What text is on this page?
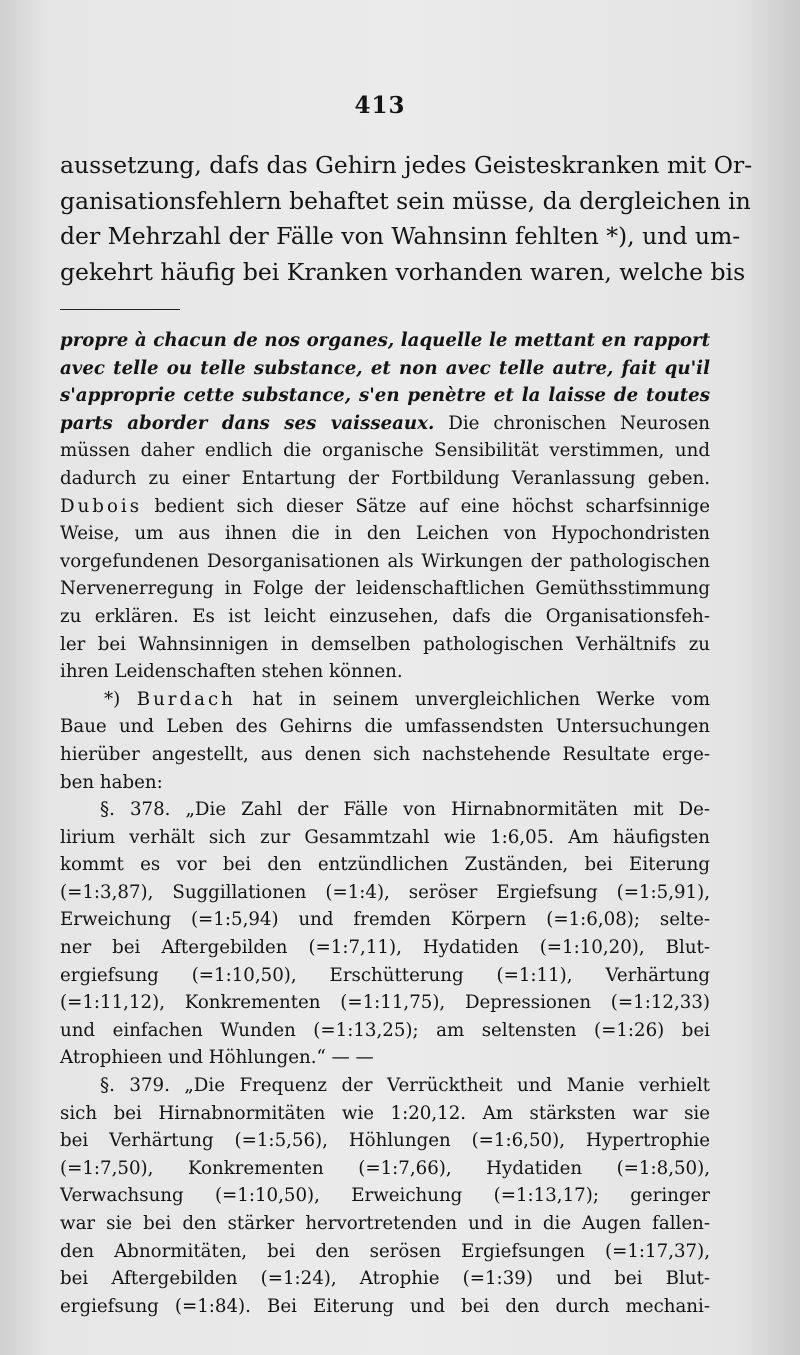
413
aussetzung, dafs das Gehirn jedes Geisteskranken mit Or-
ganisationsfehlern behaftet sein müsse, da dergleichen in
der Mehrzahl der Fälle von Wahnsinn fehlten *), und um-
gekehrt häufig bei Kranken vorhanden waren, welche bis
propre à chacun de nos organes, laquelle le mettant en rapport
avec telle ou telle substance, et non avec telle autre, fait qu'il
s'approprie cette substance, s'en penètre et la laisse de toutes
parts aborder dans ses vaisseaux. Die chronischen Neurosen
müssen daher endlich die organische Sensibilität verstimmen, und
dadurch zu einer Entartung der Fortbildung Veranlassung geben.
Dubois bedient sich dieser Sätze auf eine höchst scharfsinnige
Weise, um aus ihnen die in den Leichen von Hypochondristen
vorgefundenen Desorganisationen als Wirkungen der pathologischen
Nervenerregung in Folge der leidenschaftlichen Gemüthsstimmung
zu erklären. Es ist leicht einzusehen, dafs die Organisationsfeh-
ler bei Wahnsinnigen in demselben pathologischen Verhältnifs zu
ihren Leidenschaften stehen können.
*) Burdach hat in seinem unvergleichlichen Werke vom
Baue und Leben des Gehirns die umfassendsten Untersuchungen
hierüber angestellt, aus denen sich nachstehende Resultate erge-
ben haben:
§. 378. „Die Zahl der Fälle von Hirnabnormitäten mit De-
lirium verhält sich zur Gesammtzahl wie 1:6,05. Am häufigsten
kommt es vor bei den entzündlichen Zuständen, bei Eiterung
(=1:3,87), Suggillationen (=1:4), seröser Ergiefsung (=1:5,91),
Erweichung (=1:5,94) und fremden Körpern (=1:6,08); selte-
ner bei Aftergebilden (=1:7,11), Hydatiden (=1:10,20), Blut-
ergiefsung (=1:10,50), Erschütterung (=1:11), Verhärtung
(=1:11,12), Konkrementen (=1:11,75), Depressionen (=1:12,33)
und einfachen Wunden (=1:13,25); am seltensten (=1:26) bei
Atrophieen und Höhlungen.“ — —
§. 379. „Die Frequenz der Verrücktheit und Manie verhielt
sich bei Hirnabnormitäten wie 1:20,12. Am stärksten war sie
bei Verhärtung (=1:5,56), Höhlungen (=1:6,50), Hypertrophie
(=1:7,50), Konkrementen (=1:7,66), Hydatiden (=1:8,50),
Verwachsung (=1:10,50), Erweichung (=1:13,17); geringer
war sie bei den stärker hervortretenden und in die Augen fallen-
den Abnormitäten, bei den serösen Ergiefsungen (=1:17,37),
bei Aftergebilden (=1:24), Atrophie (=1:39) und bei Blut-
ergiefsung (=1:84). Bei Eiterung und bei den durch mechani-
